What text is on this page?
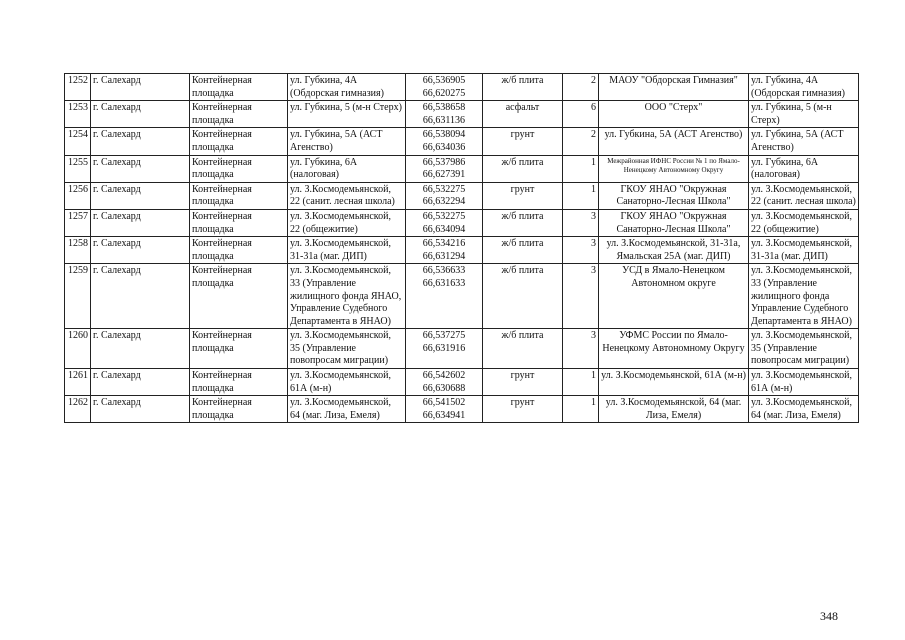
1252	г. Салехард	Контейнерная площадка	ул. Губкина, 4А (Обдорская гимназия)	66,536905
66,620275	ж/б плита	2	МАОУ "Обдорская Гимназия"	ул. Губкина, 4А (Обдорская гимназия)
1253	г. Салехард	Контейнерная площадка	ул. Губкина, 5 (м-н Стерх)	66,538658
66,631136	асфальт	6	ООО "Стерх"	ул. Губкина, 5 (м-н Стерх)
1254	г. Салехард	Контейнерная площадка	ул. Губкина, 5А (АСТ Агенство)	66,538094
66,634036	грунт	2	ул. Губкина, 5А (АСТ Агенство)	ул. Губкина, 5А (АСТ Агенство)
1255	г. Салехард	Контейнерная площадка	ул. Губкина, 6А (налоговая)	66,537986
66,627391	ж/б плита	1	Межрайонная ИФНС России № 1 по Ямало-Ненецкому Автономному Округу	ул. Губкина, 6А (налоговая)
1256	г. Салехард	Контейнерная площадка	ул. З.Космодемьянской, 22 (санит. лесная школа)	66,532275
66,632294	грунт	1	ГКОУ ЯНАО "Окружная Санаторно-Лесная Школа"	ул. З.Космодемьянской, 22 (санит. лесная школа)
1257	г. Салехард	Контейнерная площадка	ул. З.Космодемьянской, 22 (общежитие)	66,532275
66,634094	ж/б плита	3	ГКОУ ЯНАО "Окружная Санаторно-Лесная Школа"	ул. З.Космодемьянской, 22 (общежитие)
1258	г. Салехард	Контейнерная площадка	ул. З.Космодемьянской, 31-31а (маг. ДИП)	66,534216
66,631294	ж/б плита	3	ул. З.Космодемьянской, 31-31а, Ямальская 25А (маг. ДИП)	ул. З.Космодемьянской, 31-31а (маг. ДИП)
1259	г. Салехард	Контейнерная площадка	ул. З.Космодемьянской, 33 (Управление жилищного фонда ЯНАО, Управление Судебного Департамента в ЯНАО)	66,536633
66,631633	ж/б плита	3	УСД в Ямало-Ненецком Автономном округе	ул. З.Космодемьянской, 33 (Управление жилищного фонда Управление Судебного Департамента в ЯНАО)
1260	г. Салехард	Контейнерная площадка	ул. З.Космодемьянской, 35 (Управление повопросам миграции)	66,537275
66,631916	ж/б плита	3	УФМС России по Ямало-Ненецкому Автономному Округу	ул. З.Космодемьянской, 35 (Управление повопросам миграции)
1261	г. Салехард	Контейнерная площадка	ул. З.Космодемьянской, 61А (м-н)	66,542602
66,630688	грунт	1	ул. З.Космодемьянской, 61А (м-н)	ул. З.Космодемьянской, 61А (м-н)
1262	г. Салехард	Контейнерная площадка	ул. З.Космодемьянской, 64 (маг. Лиза, Емеля)	66,541502
66,634941	грунт	1	ул. З.Космодемьянской, 64 (маг. Лиза, Емеля)	ул. З.Космодемьянской, 64 (маг. Лиза, Емеля)
348
